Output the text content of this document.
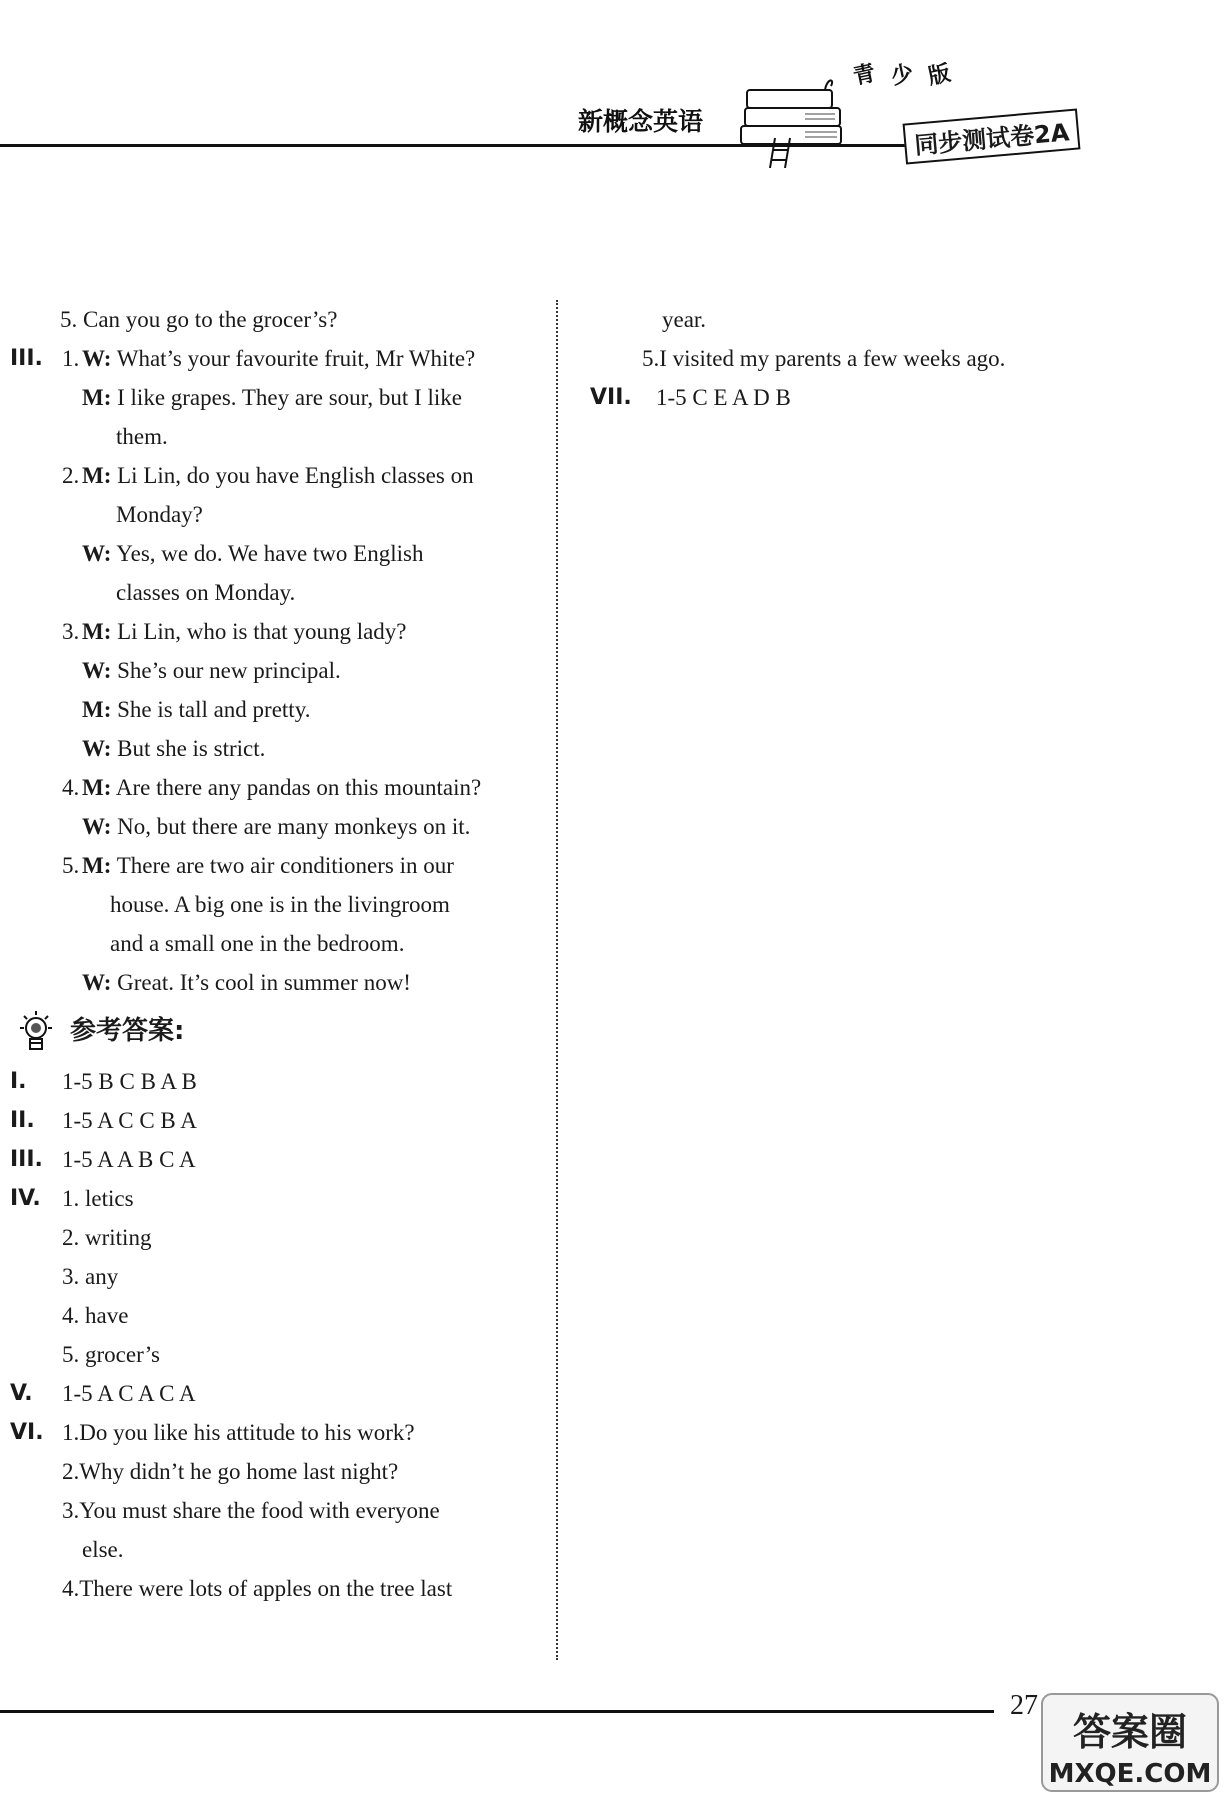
新概念英语
青 少 版
同步测试卷2A
5. Can you go to the grocer’s?
III. 1. W: What’s your favourite fruit, Mr White?
M: I like grapes. They are sour, but I like
them.
2. M: Li Lin, do you have English classes on
Monday?
W: Yes, we do. We have two English
classes on Monday.
3. M: Li Lin, who is that young lady?
W: She’s our new principal.
M: She is tall and pretty.
W: But she is strict.
4. M: Are there any pandas on this mountain?
W: No, but there are many monkeys on it.
5. M: There are two air conditioners in our
house. A big one is in the livingroom
and a small one in the bedroom.
W: Great. It’s cool in summer now!
参考答案:
I. 1-5 B C B A B
II. 1-5 A C C B A
III. 1-5 A A B C A
IV. 1. letics
2. writing
3. any
4. have
5. grocer’s
V. 1-5 A C A C A
VI. 1.Do you like his attitude to his work?
2.Why didn’t he go home last night?
3.You must share the food with everyone
else.
4.There were lots of apples on the tree last
year.
5.I visited my parents a few weeks ago.
VII. 1-5 C E A D B
27
答案圈
MXQE.COM
